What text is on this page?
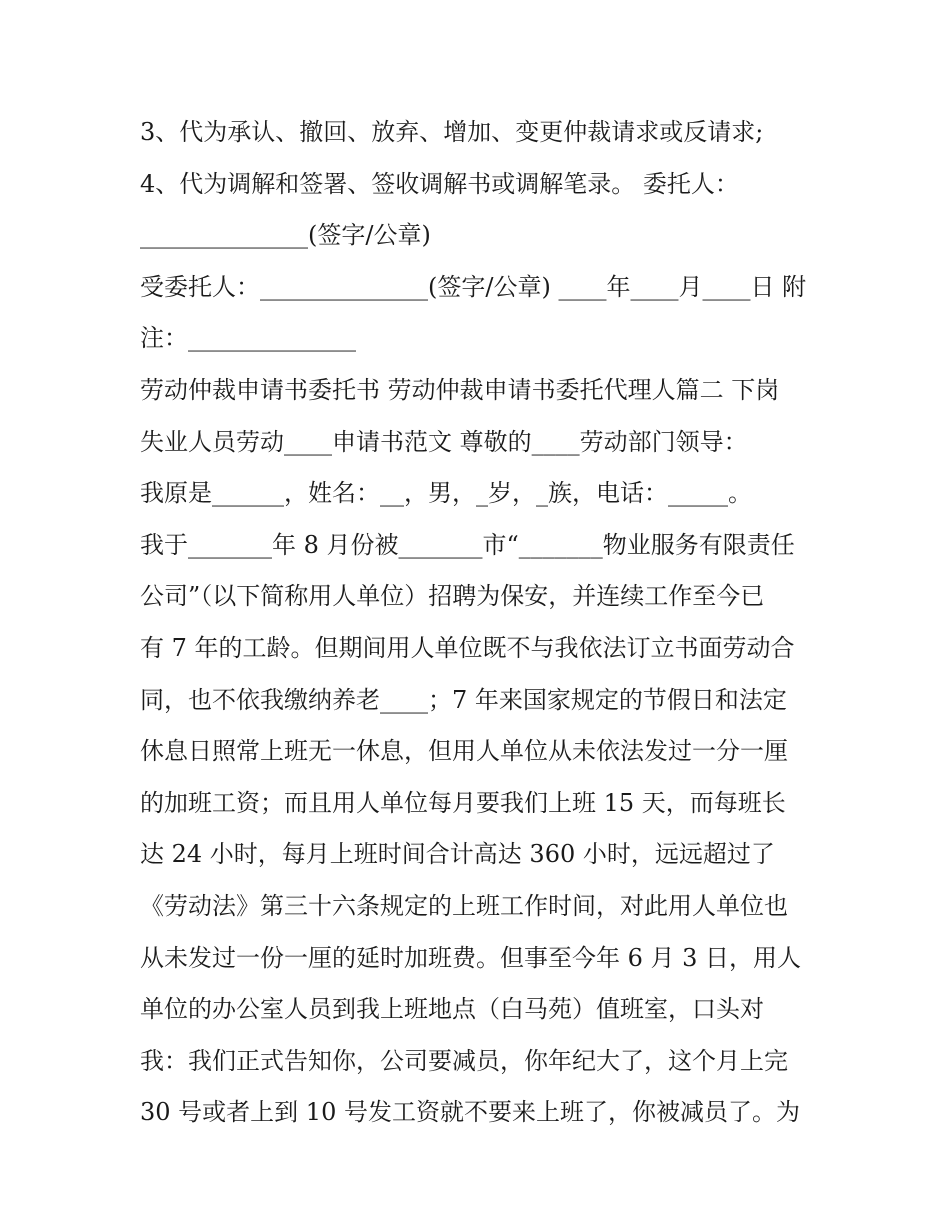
3、代为承认、撤回、放弃、增加、变更仲裁请求或反请求;
4、代为调解和签署、签收调解书或调解笔录。 委托人：
______________(签字/公章)
受委托人：______________(签字/公章) ____年____月____日 附
注：______________
劳动仲裁申请书委托书 劳动仲裁申请书委托代理人篇二 下岗
失业人员劳动____申请书范文 尊敬的____劳动部门领导：
我原是______，姓名：__，男，_岁，_族，电话：_____。
我于_______年 8 月份被_______市“_______物业服务有限责任
公司”（以下简称用人单位）招聘为保安，并连续工作至今已
有 7 年的工龄。但期间用人单位既不与我依法订立书面劳动合
同，也不依我缴纳养老____；7 年来国家规定的节假日和法定
休息日照常上班无一休息，但用人单位从未依法发过一分一厘
的加班工资；而且用人单位每月要我们上班 15 天，而每班长
达 24 小时，每月上班时间合计高达 360 小时，远远超过了
《劳动法》第三十六条规定的上班工作时间，对此用人单位也
从未发过一份一厘的延时加班费。但事至今年 6 月 3 日，用人
单位的办公室人员到我上班地点（白马苑）值班室，口头对
我：我们正式告知你，公司要减员，你年纪大了，这个月上完
30 号或者上到 10 号发工资就不要来上班了，你被减员了。为
